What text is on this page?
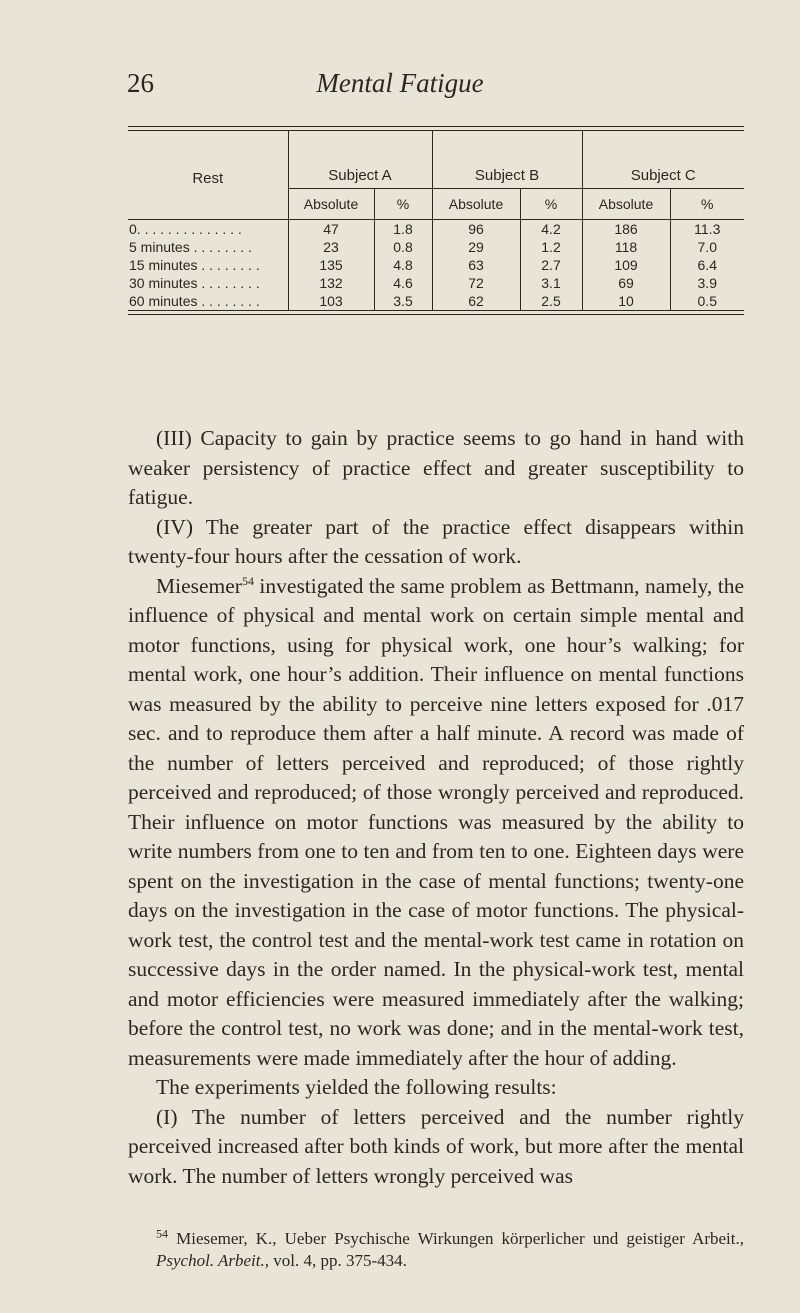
26	Mental Fatigue
Rest	Subject A		Subject B		Subject C	
	Absolute	%	Absolute	%	Absolute	%
0. . . . . . . . . . . . . .	47	1.8	96	4.2	186	11.3
5 minutes . . . . . . . .	23	0.8	29	1.2	118	7.0
15 minutes . . . . . . . .	135	4.8	63	2.7	109	6.4
30 minutes . . . . . . . .	132	4.6	72	3.1	69	3.9
60 minutes . . . . . . . .	103	3.5	62	2.5	10	0.5

(III) Capacity to gain by practice seems to go hand in hand with weaker persistency of practice effect and greater susceptibility to fatigue.

(IV) The greater part of the practice effect disappears within twenty-four hours after the cessation of work.

Miesemer$^{54}$ investigated the same problem as Bettmann, namely, the influence of physical and mental work on certain simple mental and motor functions, using for physical work, one hour’s walking; for mental work, one hour’s addition. Their influence on mental functions was measured by the ability to perceive nine letters exposed for .017 sec. and to reproduce them after a half minute. A record was made of the number of letters perceived and reproduced; of those rightly perceived and reproduced; of those wrongly perceived and reproduced. Their influence on motor functions was measured by the ability to write numbers from one to ten and from ten to one. Eighteen days were spent on the investigation in the case of mental functions; twenty-one days on the investigation in the case of motor functions. The physical-work test, the control test and the mental-work test came in rotation on successive days in the order named. In the physical-work test, mental and motor efficiencies were measured immediately after the walking; before the control test, no work was done; and in the mental-work test, measurements were made immediately after the hour of adding.

The experiments yielded the following results:

(I) The number of letters perceived and the number rightly perceived increased after both kinds of work, but more after the mental work. The number of letters wrongly perceived was

$^{54}$ Miesemer, K., Ueber Psychische Wirkungen körperlicher und geistiger Arbeit., Psychol. Arbeit., vol. 4, pp. 375-434.
